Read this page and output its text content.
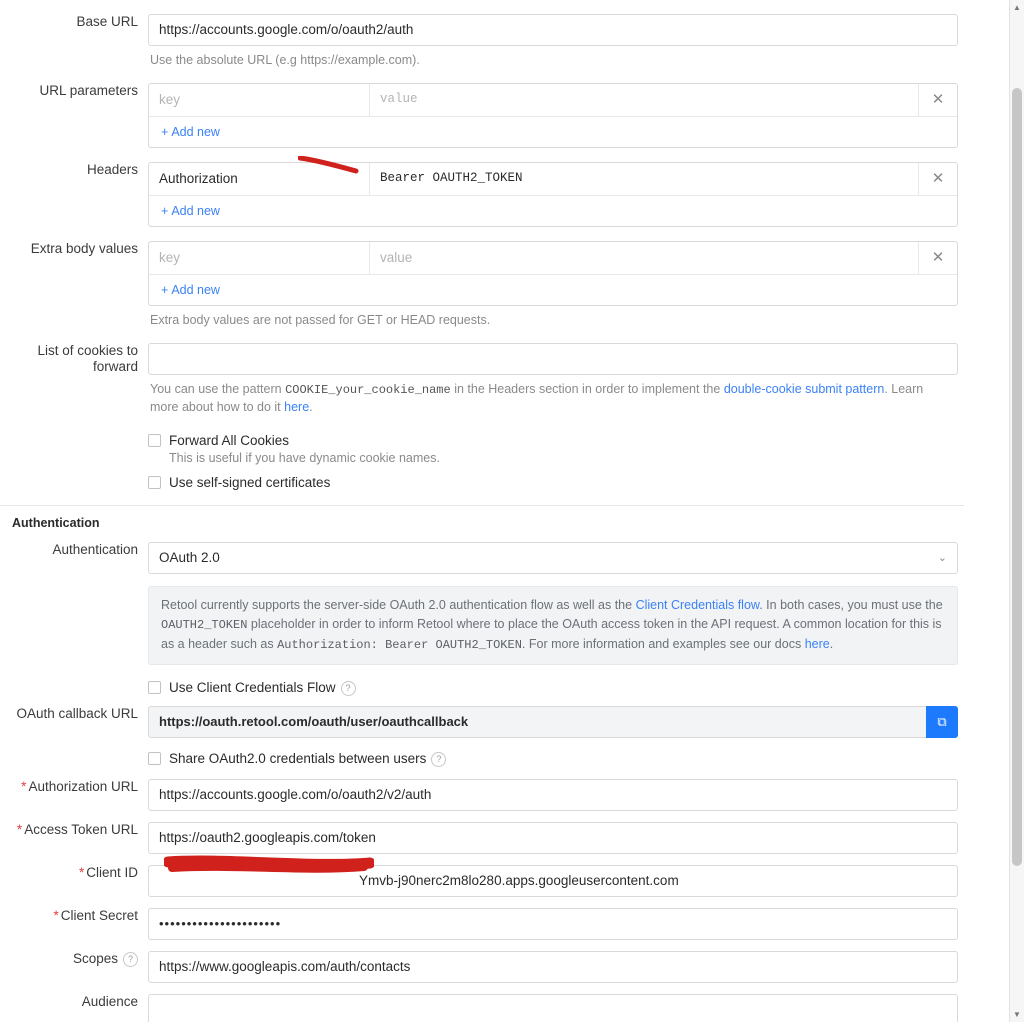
Base URL
https://accounts.google.com/o/oauth2/auth
Use the absolute URL (e.g https://example.com).
URL parameters
key	value	✕
+ Add new
Headers
Authorization	Bearer OAUTH2_TOKEN	✕
+ Add new
Extra body values
key	value	✕
+ Add new
Extra body values are not passed for GET or HEAD requests.
List of cookies to forward
You can use the pattern COOKIE_your_cookie_name in the Headers section in order to implement the double-cookie submit pattern. Learn more about how to do it here.
Forward All Cookies
This is useful if you have dynamic cookie names.
Use self-signed certificates
Authentication
Authentication
OAuth 2.0	⌄
Retool currently supports the server-side OAuth 2.0 authentication flow as well as the Client Credentials flow. In both cases, you must use the OAUTH2_TOKEN placeholder in order to inform Retool where to place the OAuth access token in the API request. A common location for this is as a header such as Authorization: Bearer OAUTH2_TOKEN. For more information and examples see our docs here.
Use Client Credentials Flow ?
OAuth callback URL
https://oauth.retool.com/oauth/user/oauthcallback	⧉
Share OAuth2.0 credentials between users ?
* Authorization URL
https://accounts.google.com/o/oauth2/v2/auth
* Access Token URL
https://oauth2.googleapis.com/token
* Client ID
Ymvb-j90nerc2m8lo280.apps.googleusercontent.com
* Client Secret
••••••••••••••••••••••
Scopes ?	https://www.googleapis.com/auth/contacts
Audience
▲
▼
